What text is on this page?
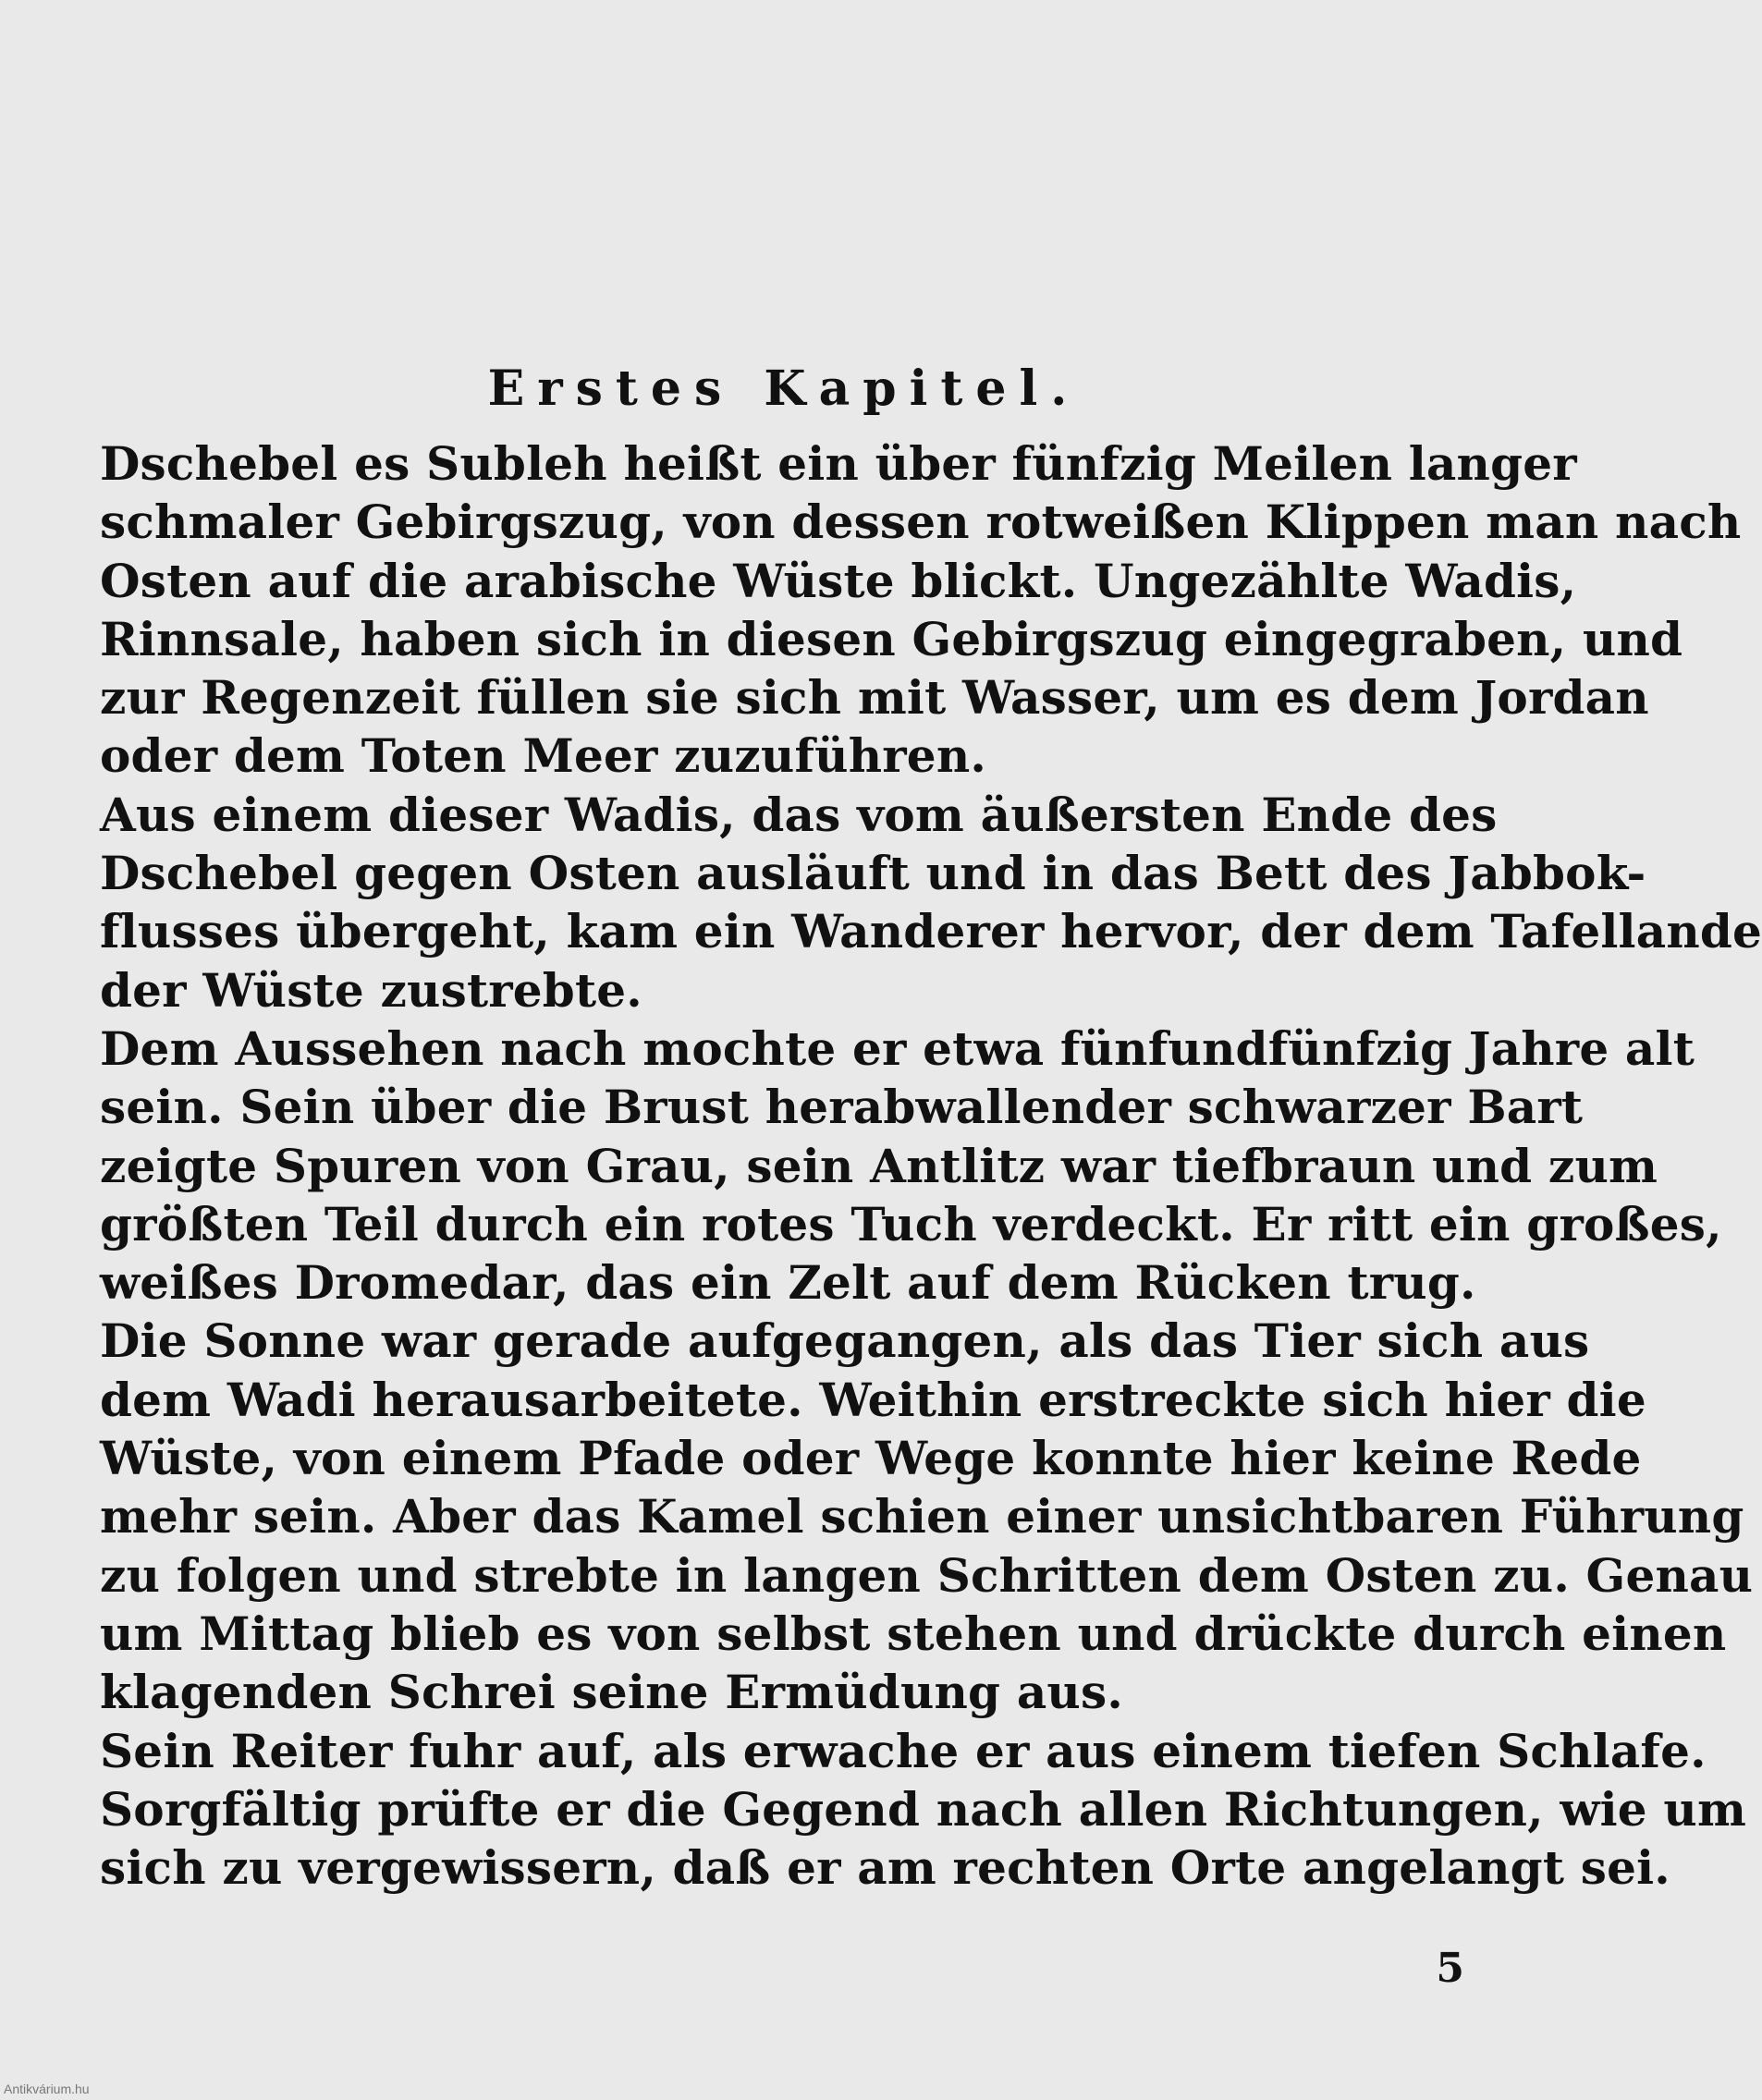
Erstes Kapitel.

Dschebel es Subleh heißt ein über fünfzig Meilen langer
schmaler Gebirgszug, von dessen rotweißen Klippen man nach
Osten auf die arabische Wüste blickt. Ungezählte Wadis,
Rinnsale, haben sich in diesen Gebirgszug eingegraben, und
zur Regenzeit füllen sie sich mit Wasser, um es dem Jordan
oder dem Toten Meer zuzuführen.

Aus einem dieser Wadis, das vom äußersten Ende des
Dschebel gegen Osten ausläuft und in das Bett des Jabbok-
flusses übergeht, kam ein Wanderer hervor, der dem Tafellande
der Wüste zustrebte.

Dem Aussehen nach mochte er etwa fünfundfünfzig Jahre alt
sein. Sein über die Brust herabwallender schwarzer Bart
zeigte Spuren von Grau, sein Antlitz war tiefbraun und zum
größten Teil durch ein rotes Tuch verdeckt. Er ritt ein großes,
weißes Dromedar, das ein Zelt auf dem Rücken trug.

Die Sonne war gerade aufgegangen, als das Tier sich aus
dem Wadi herausarbeitete. Weithin erstreckte sich hier die
Wüste, von einem Pfade oder Wege konnte hier keine Rede
mehr sein. Aber das Kamel schien einer unsichtbaren Führung
zu folgen und strebte in langen Schritten dem Osten zu. Genau
um Mittag blieb es von selbst stehen und drückte durch einen
klagenden Schrei seine Ermüdung aus.

Sein Reiter fuhr auf, als erwache er aus einem tiefen Schlafe.
Sorgfältig prüfte er die Gegend nach allen Richtungen, wie um
sich zu vergewissern, daß er am rechten Orte angelangt sei.

5
Antikvárium.hu
